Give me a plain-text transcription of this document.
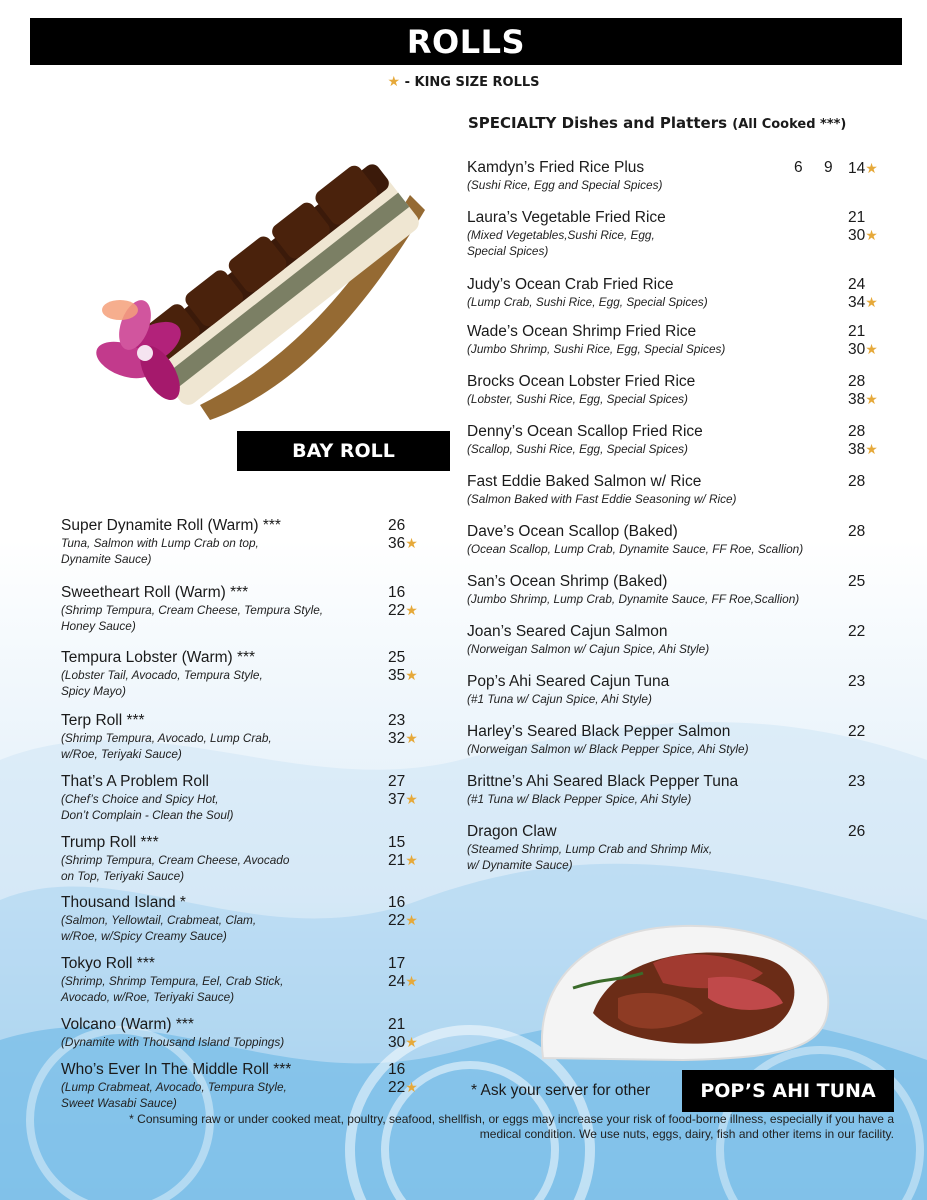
ROLLS
★ - KING SIZE ROLLS
SPECIALTY Dishes and Platters (All Cooked ***)
BAY ROLL
POP’S AHI TUNA
Super Dynamite Roll (Warm) ***
Tuna, Salmon with Lump Crab on top,
Dynamite Sauce)
26
36★
Sweetheart Roll (Warm) ***
(Shrimp Tempura, Cream Cheese, Tempura Style,
Honey Sauce)
16
22★
Tempura Lobster (Warm) ***
(Lobster Tail, Avocado, Tempura Style,
Spicy Mayo)
25
35★
Terp Roll ***
(Shrimp Tempura, Avocado, Lump Crab,
w/Roe, Teriyaki Sauce)
23
32★
That’s A Problem Roll
(Chef’s Choice and Spicy Hot,
Don’t Complain - Clean the Soul)
27
37★
Trump Roll ***
(Shrimp Tempura, Cream Cheese, Avocado
on Top, Teriyaki Sauce)
15
21★
Thousand Island *
(Salmon, Yellowtail, Crabmeat, Clam,
w/Roe, w/Spicy Creamy Sauce)
16
22★
Tokyo Roll ***
(Shrimp, Shrimp Tempura, Eel, Crab Stick,
Avocado, w/Roe, Teriyaki Sauce)
17
24★
Volcano (Warm) ***
(Dynamite with Thousand Island Toppings)
21
30★
Who’s Ever In The Middle Roll ***
(Lump Crabmeat, Avocado, Tempura Style,
Sweet Wasabi Sauce)
16
22★
Kamdyn’s Fried Rice Plus
(Sushi Rice, Egg and Special Spices)
6 9 14★
Laura’s Vegetable Fried Rice
(Mixed Vegetables,Sushi Rice, Egg,
Special Spices)
21
30★
Judy’s Ocean Crab Fried Rice
(Lump Crab, Sushi Rice, Egg, Special Spices)
24
34★
Wade’s Ocean Shrimp Fried Rice
(Jumbo Shrimp, Sushi Rice, Egg, Special Spices)
21
30★
Brocks Ocean Lobster Fried Rice
(Lobster, Sushi Rice, Egg, Special Spices)
28
38★
Denny’s Ocean Scallop Fried Rice
(Scallop, Sushi Rice, Egg, Special Spices)
28
38★
Fast Eddie Baked Salmon w/ Rice
(Salmon Baked with Fast Eddie Seasoning w/ Rice)
28
Dave’s Ocean Scallop (Baked)
(Ocean Scallop, Lump Crab, Dynamite Sauce, FF Roe, Scallion)
28
San’s Ocean Shrimp (Baked)
(Jumbo Shrimp, Lump Crab, Dynamite Sauce, FF Roe,Scallion)
25
Joan’s Seared Cajun Salmon
(Norweigan Salmon w/ Cajun Spice, Ahi Style)
22
Pop’s Ahi Seared Cajun Tuna
(#1 Tuna w/ Cajun Spice, Ahi Style)
23
Harley’s Seared Black Pepper Salmon
(Norweigan Salmon w/ Black Pepper Spice, Ahi Style)
22
Brittne’s Ahi Seared Black Pepper Tuna
(#1 Tuna w/ Black Pepper Spice, Ahi Style)
23
Dragon Claw
(Steamed Shrimp, Lump Crab and Shrimp Mix,
w/ Dynamite Sauce)
26
* Ask your server for other
* Consuming raw or under cooked meat, poultry, seafood, shellfish, or eggs may increase your risk of food-borne illness, especially if you have a
medical condition. We use nuts, eggs, dairy, fish and other items in our facility.
